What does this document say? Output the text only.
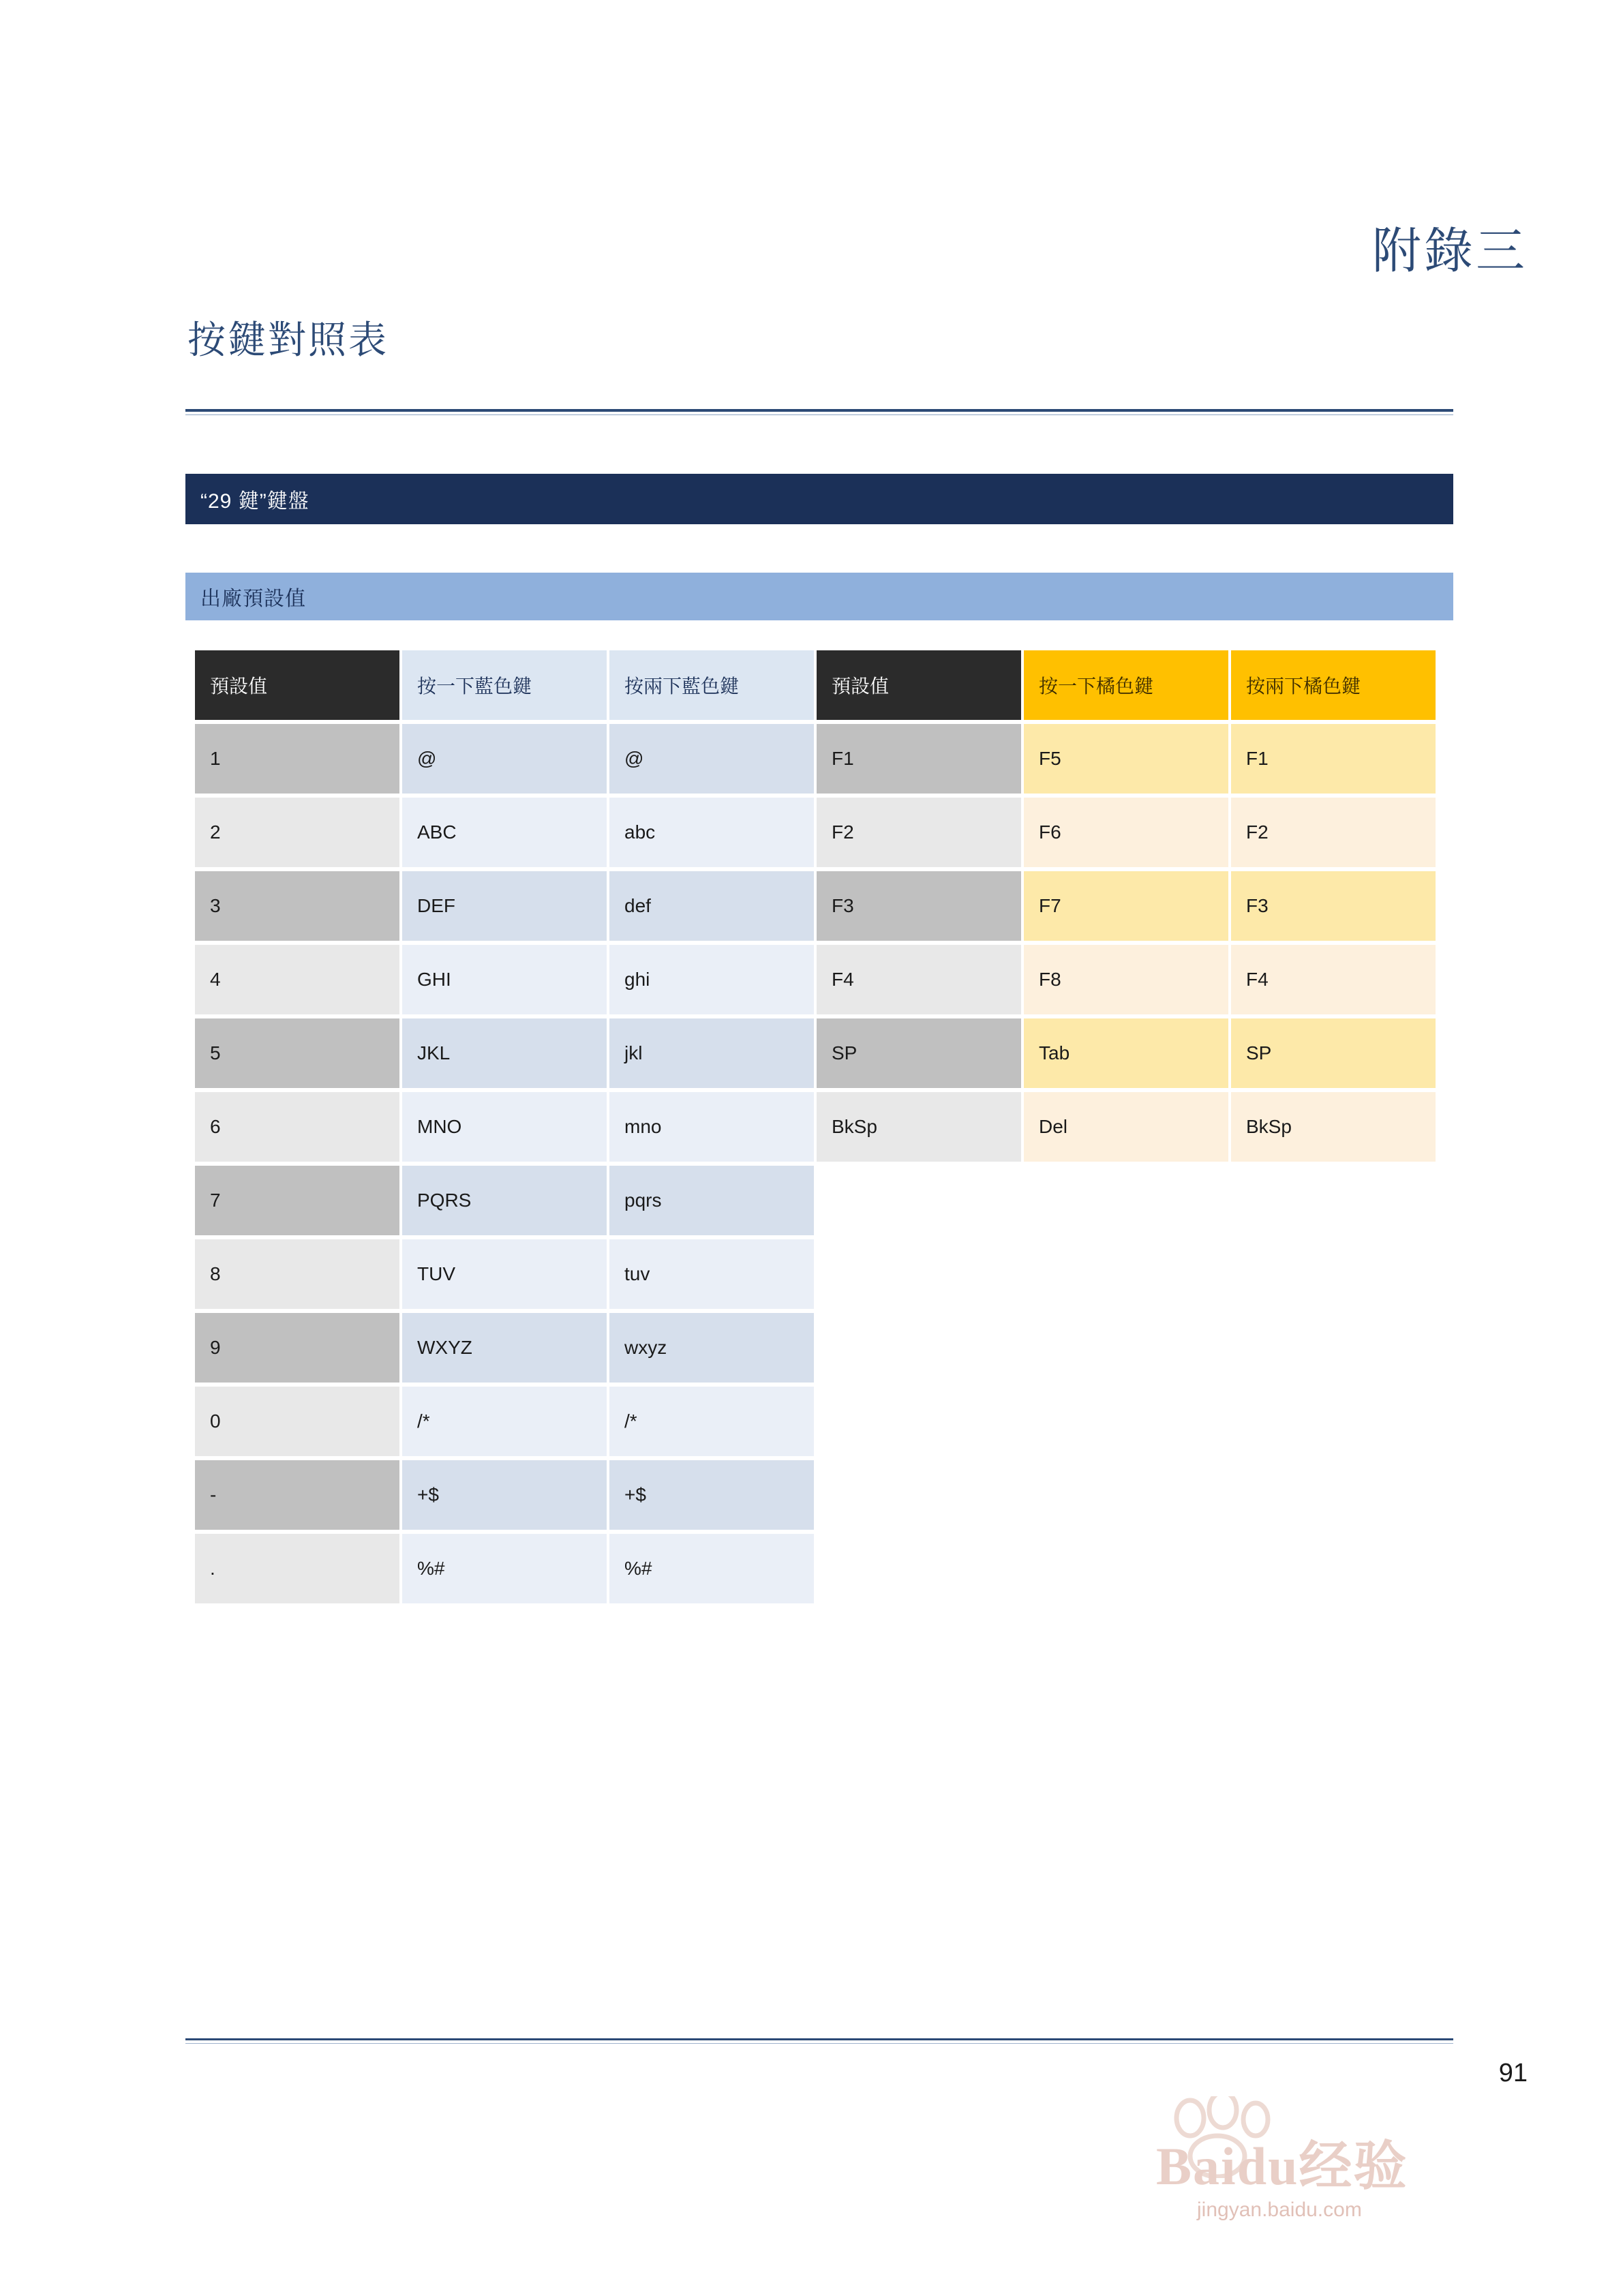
附錄三
按鍵對照表
“29 鍵”鍵盤
出廠預設值
預設值	按一下藍色鍵	按兩下藍色鍵	預設值	按一下橘色鍵	按兩下橘色鍵
1	@	@	F1	F5	F1
2	ABC	abc	F2	F6	F2
3	DEF	def	F3	F7	F3
4	GHI	ghi	F4	F8	F4
5	JKL	jkl	SP	Tab	SP
6	MNO	mno	BkSp	Del	BkSp
7	PQRS	pqrs			
8	TUV	tuv			
9	WXYZ	wxyz			
0	/*	/*			
-	+$	+$			
.	%#	%#			
91
Baidu经验
jingyan.baidu.com
